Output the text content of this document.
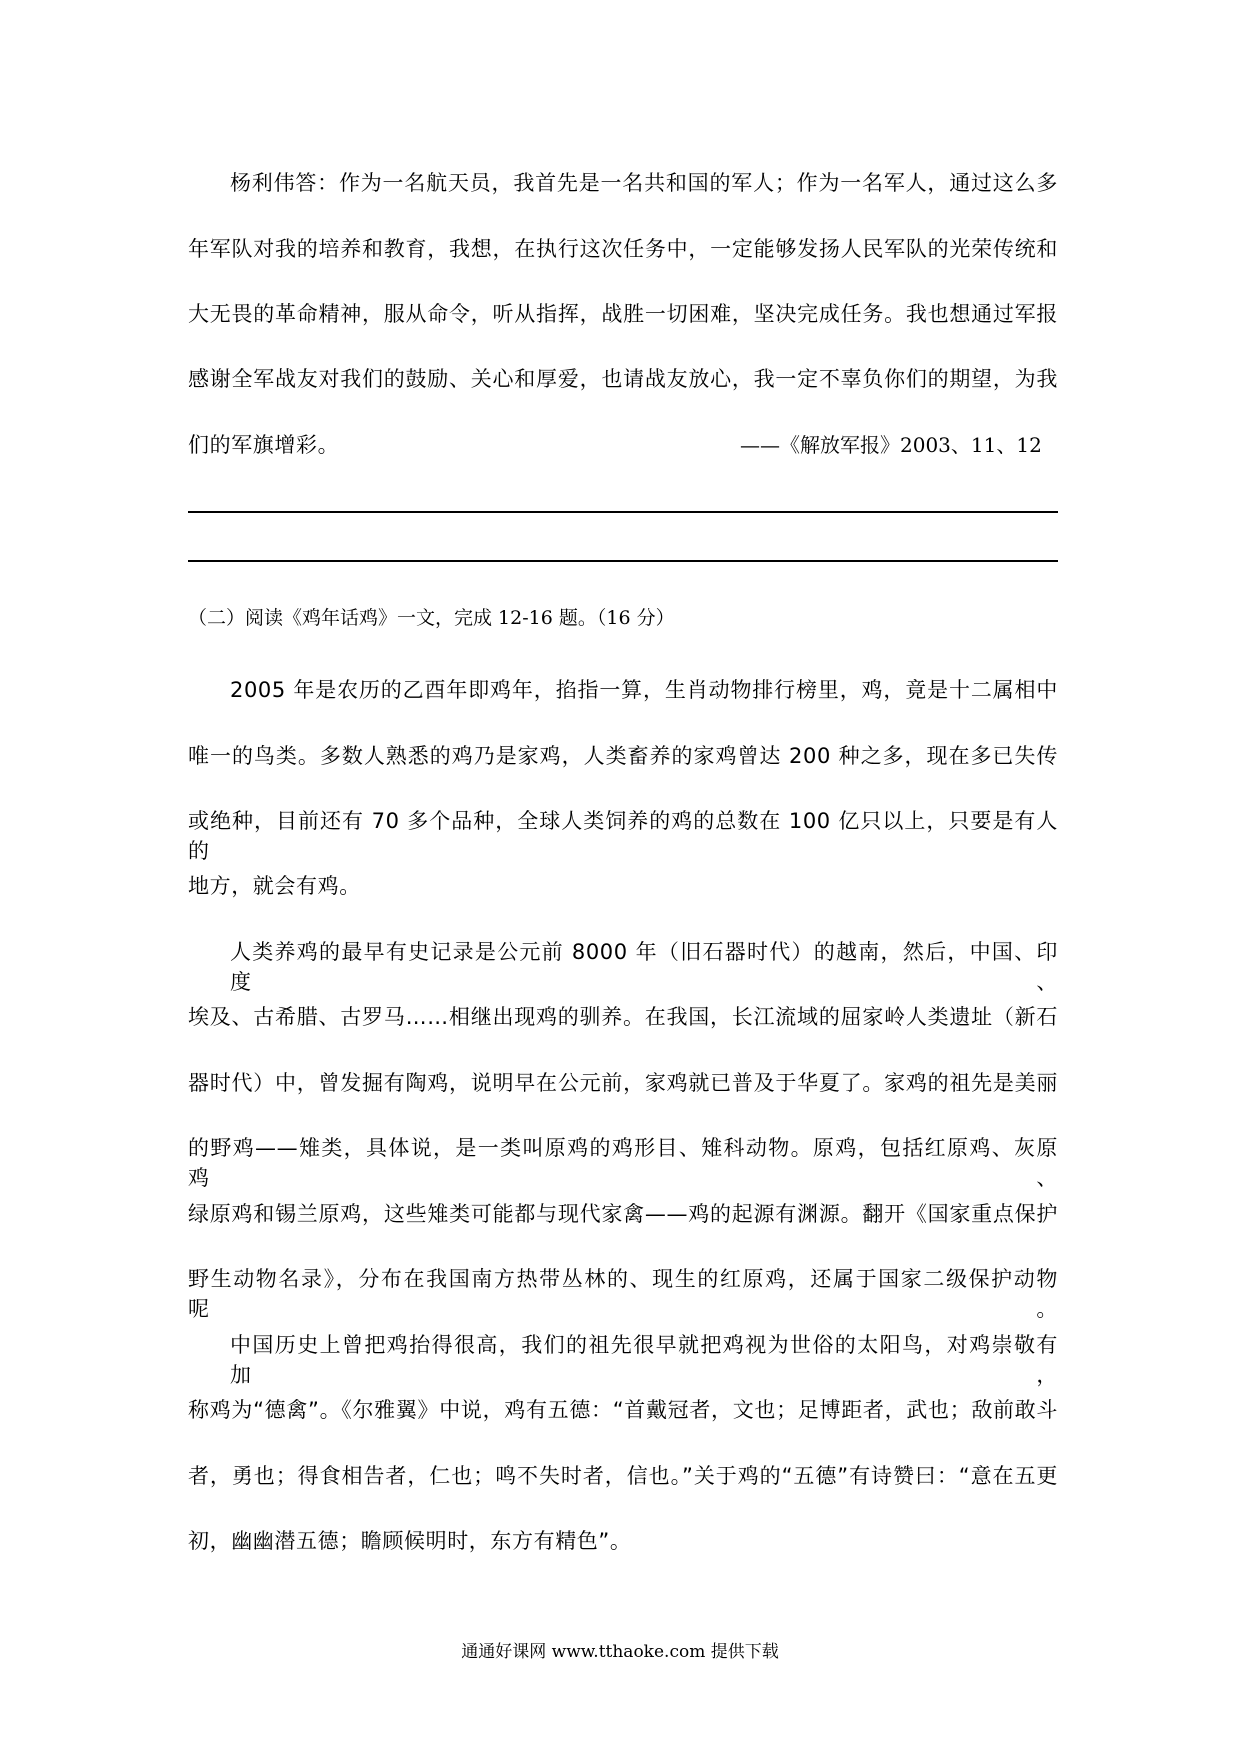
杨利伟答：作为一名航天员，我首先是一名共和国的军人；作为一名军人，通过这么多
年军队对我的培养和教育，我想，在执行这次任务中，一定能够发扬人民军队的光荣传统和
大无畏的革命精神，服从命令，听从指挥，战胜一切困难，坚决完成任务。我也想通过军报
感谢全军战友对我们的鼓励、关心和厚爱，也请战友放心，我一定不辜负你们的期望，为我
们的军旗增彩。	——《解放军报》2003、11、12
（二）阅读《鸡年话鸡》一文，完成 12-16 题。（16 分）
2005 年是农历的乙酉年即鸡年，掐指一算，生肖动物排行榜里，鸡，竟是十二属相中
唯一的鸟类。多数人熟悉的鸡乃是家鸡，人类畜养的家鸡曾达 200 种之多，现在多已失传
或绝种，目前还有 70 多个品种，全球人类饲养的鸡的总数在 100 亿只以上，只要是有人的
地方，就会有鸡。
人类养鸡的最早有史记录是公元前 8000 年（旧石器时代）的越南，然后，中国、印度、
埃及、古希腊、古罗马……相继出现鸡的驯养。在我国，长江流域的屈家岭人类遗址（新石
器时代）中，曾发掘有陶鸡，说明早在公元前，家鸡就已普及于华夏了。家鸡的祖先是美丽
的野鸡——雉类，具体说，是一类叫原鸡的鸡形目、雉科动物。原鸡，包括红原鸡、灰原鸡、
绿原鸡和锡兰原鸡，这些雉类可能都与现代家禽——鸡的起源有渊源。翻开《国家重点保护
野生动物名录》，分布在我国南方热带丛林的、现生的红原鸡，还属于国家二级保护动物呢。
中国历史上曾把鸡抬得很高，我们的祖先很早就把鸡视为世俗的太阳鸟，对鸡崇敬有加，
称鸡为“德禽”。《尔雅翼》中说，鸡有五德：“首戴冠者，文也；足博距者，武也；敌前敢斗
者，勇也；得食相告者，仁也；鸣不失时者，信也。”关于鸡的“五德”有诗赞曰：“意在五更
初，幽幽潜五德；瞻顾候明时，东方有精色”。
通通好课网 www.tthaoke.com 提供下载
